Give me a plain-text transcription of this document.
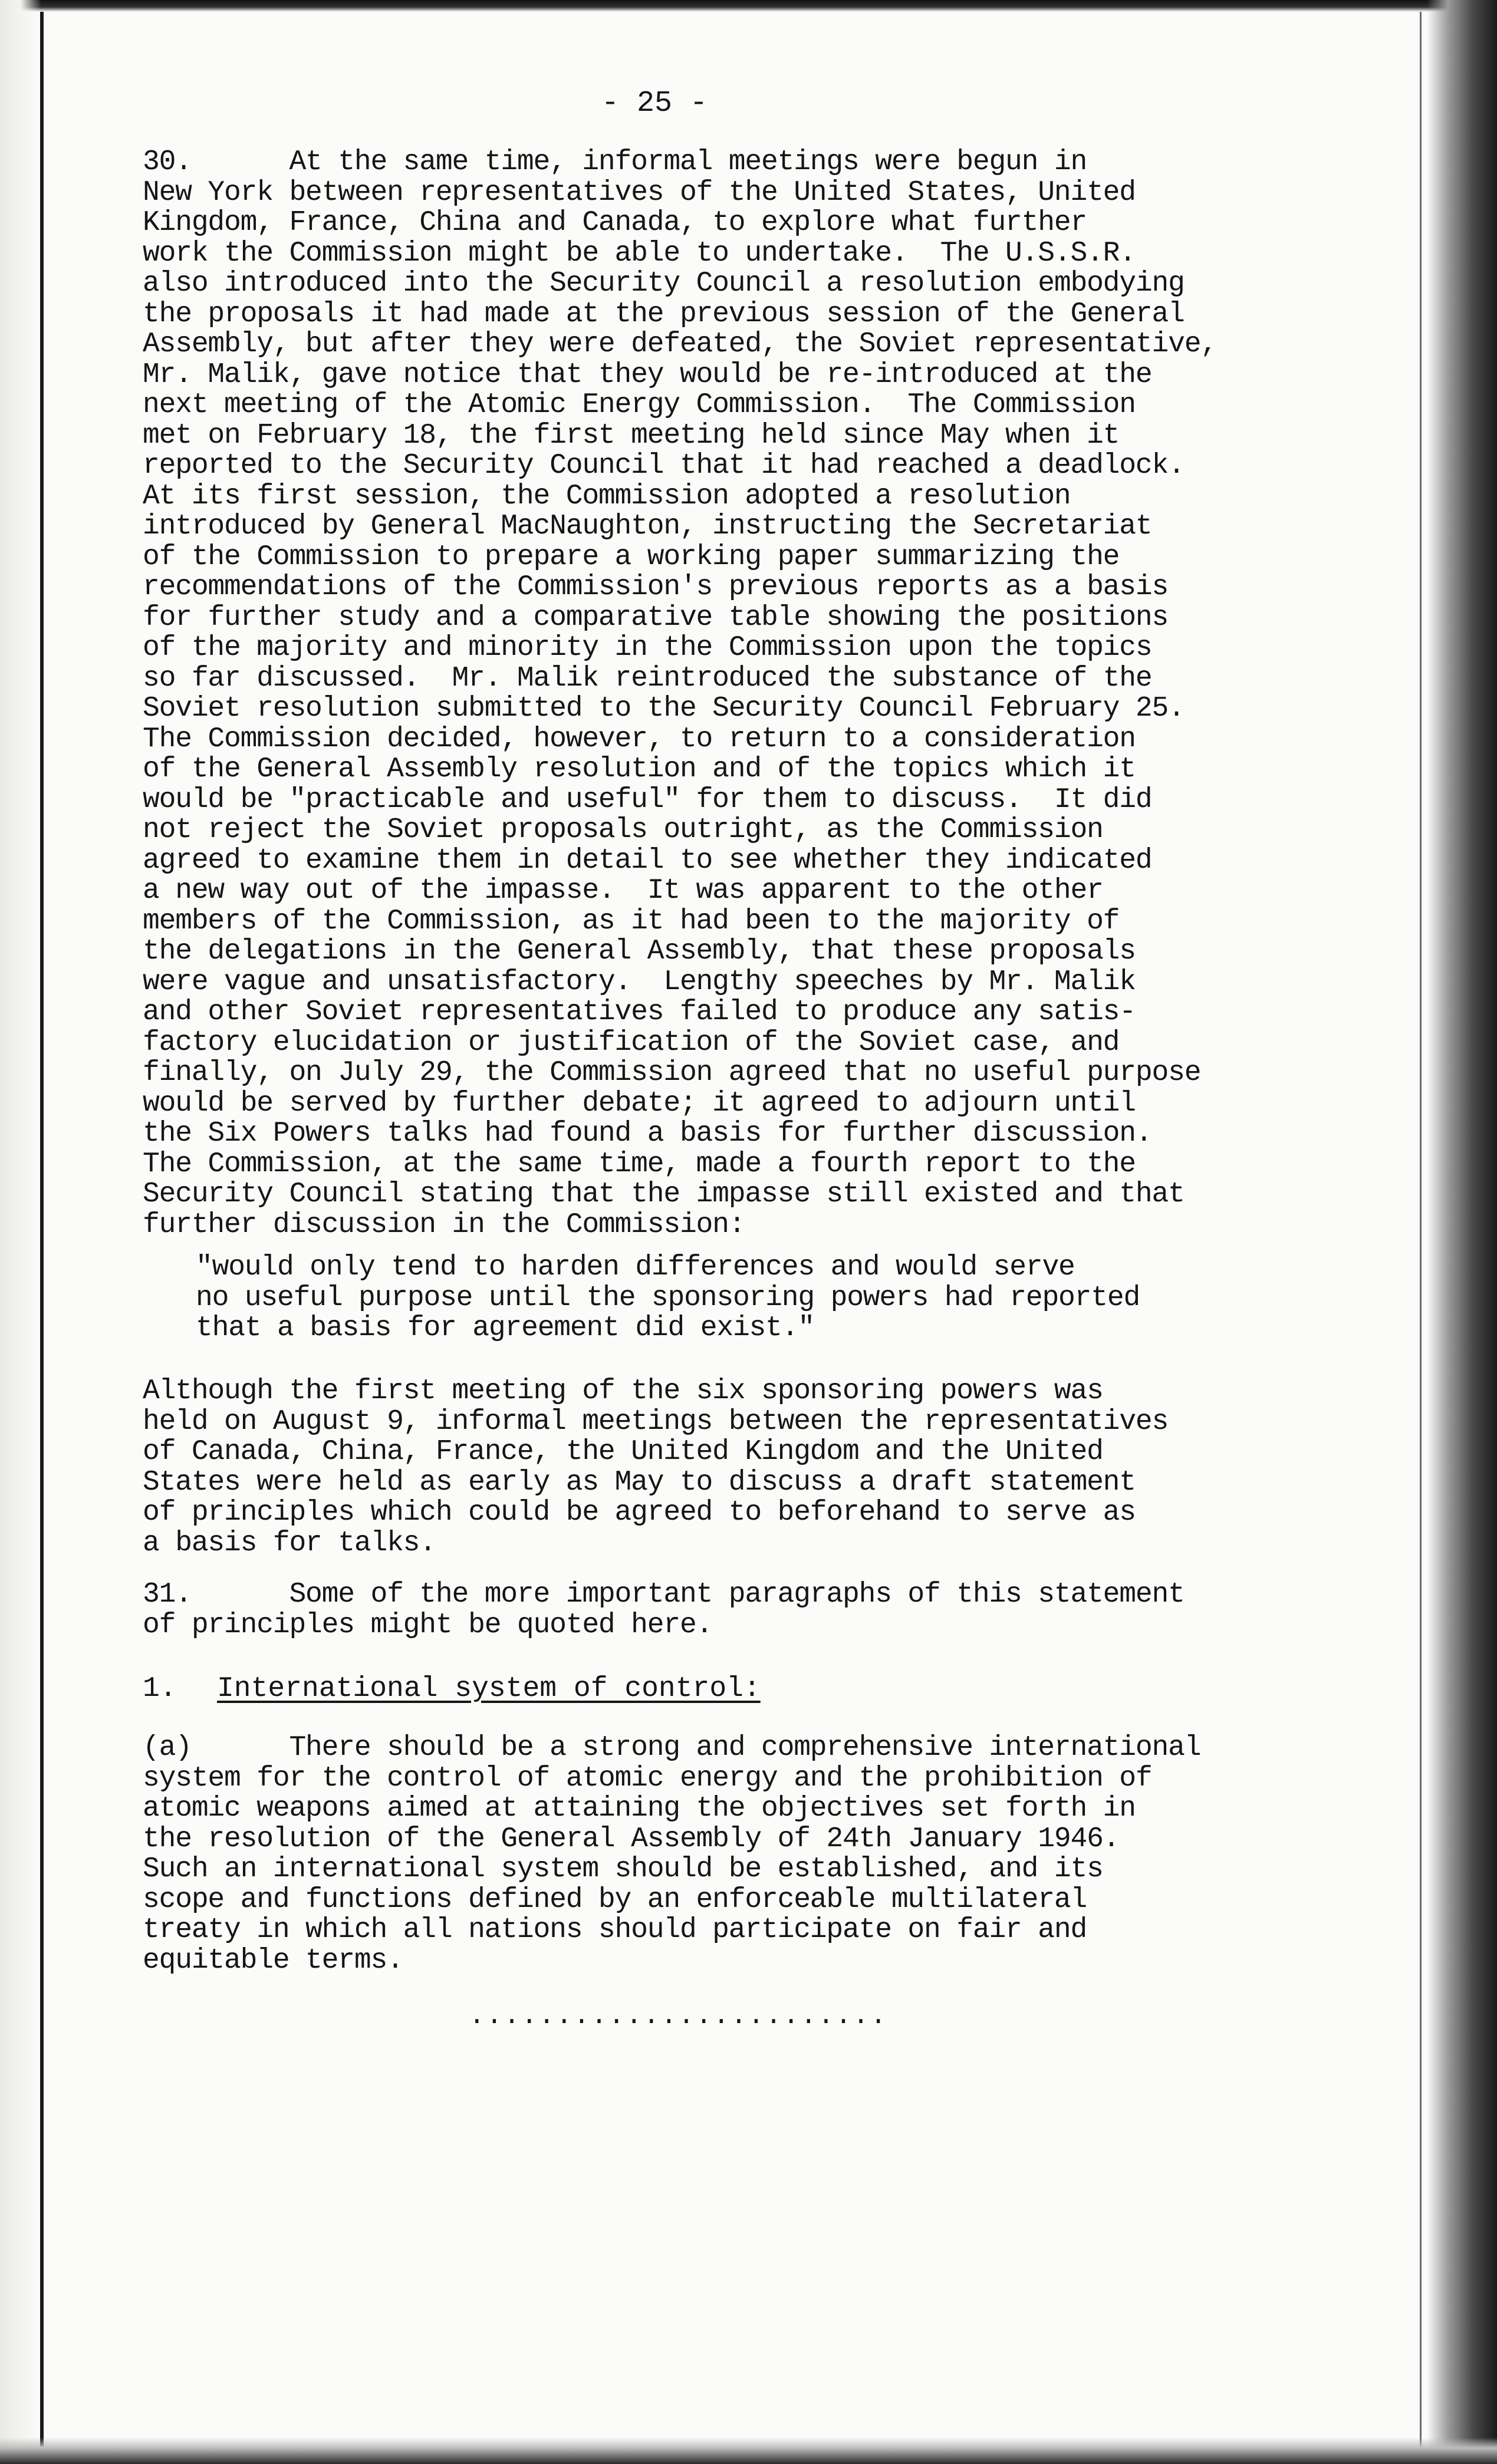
- 25 -
30.      At the same time, informal meetings were begun in
New York between representatives of the United States, United
Kingdom, France, China and Canada, to explore what further
work the Commission might be able to undertake.  The U.S.S.R.
also introduced into the Security Council a resolution embodying
the proposals it had made at the previous session of the General
Assembly, but after they were defeated, the Soviet representative,
Mr. Malik, gave notice that they would be re-introduced at the
next meeting of the Atomic Energy Commission.  The Commission
met on February 18, the first meeting held since May when it
reported to the Security Council that it had reached a deadlock.
At its first session, the Commission adopted a resolution
introduced by General MacNaughton, instructing the Secretariat
of the Commission to prepare a working paper summarizing the
recommendations of the Commission's previous reports as a basis
for further study and a comparative table showing the positions
of the majority and minority in the Commission upon the topics
so far discussed.  Mr. Malik reintroduced the substance of the
Soviet resolution submitted to the Security Council February 25.
The Commission decided, however, to return to a consideration
of the General Assembly resolution and of the topics which it
would be "practicable and useful" for them to discuss.  It did
not reject the Soviet proposals outright, as the Commission
agreed to examine them in detail to see whether they indicated
a new way out of the impasse.  It was apparent to the other
members of the Commission, as it had been to the majority of
the delegations in the General Assembly, that these proposals
were vague and unsatisfactory.  Lengthy speeches by Mr. Malik
and other Soviet representatives failed to produce any satis-
factory elucidation or justification of the Soviet case, and
finally, on July 29, the Commission agreed that no useful purpose
would be served by further debate; it agreed to adjourn until
the Six Powers talks had found a basis for further discussion.
The Commission, at the same time, made a fourth report to the
Security Council stating that the impasse still existed and that
further discussion in the Commission:
"would only tend to harden differences and would serve
no useful purpose until the sponsoring powers had reported
that a basis for agreement did exist."
Although the first meeting of the six sponsoring powers was
held on August 9, informal meetings between the representatives
of Canada, China, France, the United Kingdom and the United
States were held as early as May to discuss a draft statement
of principles which could be agreed to beforehand to serve as
a basis for talks.
31.      Some of the more important paragraphs of this statement
of principles might be quoted here.
1. International system of control:
(a)      There should be a strong and comprehensive international
system for the control of atomic energy and the prohibition of
atomic weapons aimed at attaining the objectives set forth in
the resolution of the General Assembly of 24th January 1946.
Such an international system should be established, and its
scope and functions defined by an enforceable multilateral
treaty in which all nations should participate on fair and
equitable terms.
........................
